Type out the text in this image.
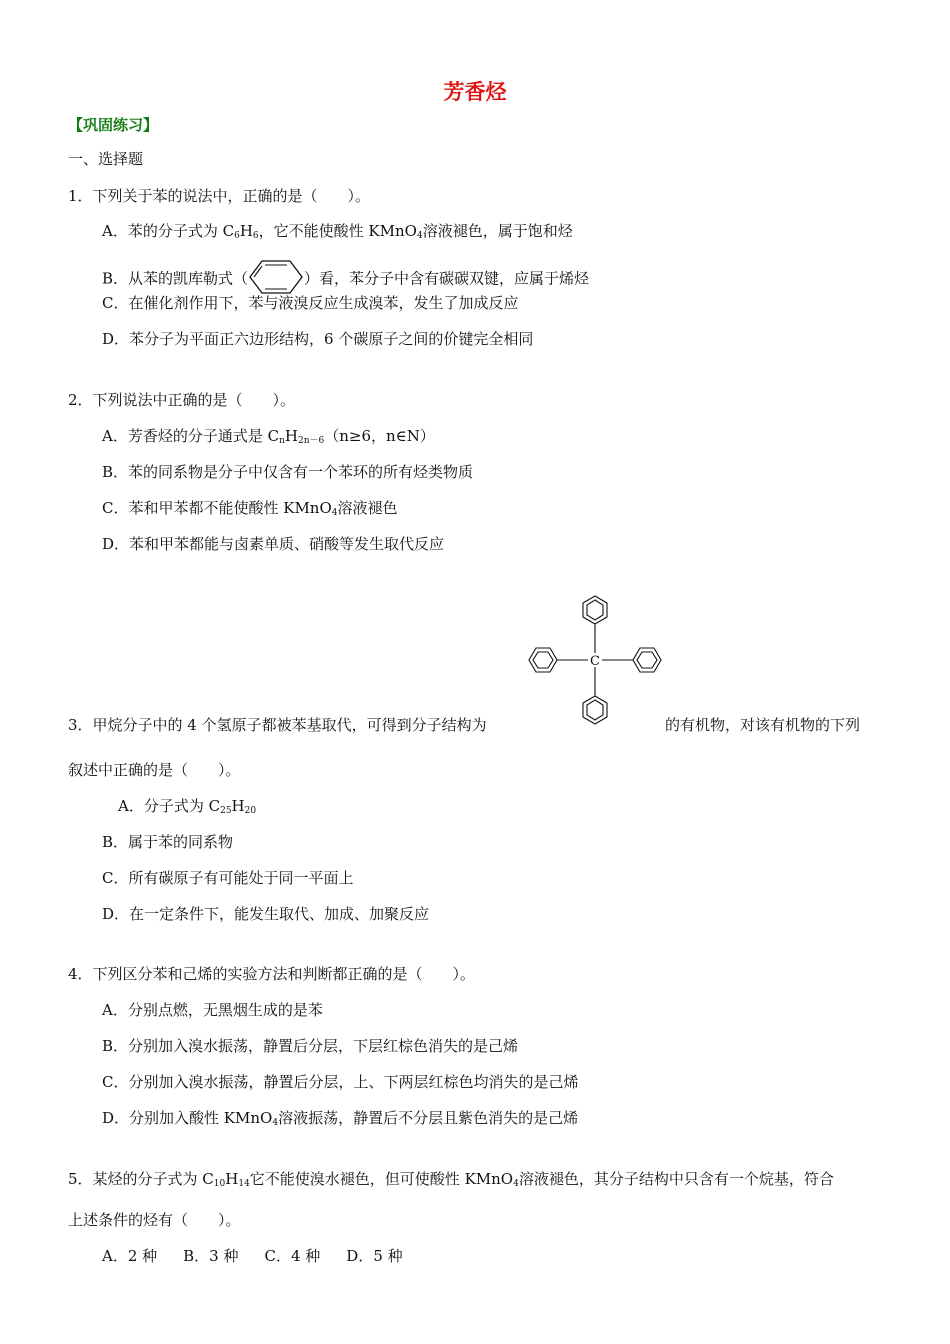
芳香烃
【巩固练习】
一、选择题
1．下列关于苯的说法中，正确的是（　　）。
A．苯的分子式为 $C_6H_6$，它不能使酸性 KMnO$_4$溶液褪色，属于饱和烃
B．从苯的凯库勒式（	）看，苯分子中含有碳碳双键，应属于烯烃
C．在催化剂作用下，苯与液溴反应生成溴苯，发生了加成反应
D．苯分子为平面正六边形结构，6 个碳原子之间的价键完全相同
2．下列说法中正确的是（　　）。
A．芳香烃的分子通式是 $C_nH_{2n-6}(n\ge 6$，n∈N）
B．苯的同系物是分子中仅含有一个苯环的所有烃类物质
C．苯和甲苯都不能使酸性 KMnO$_4$溶液褪色
D．苯和甲苯都能与卤素单质、硝酸等发生取代反应
C
3．甲烷分子中的 4 个氢原子都被苯基取代，可得到分子结构为	的有机物，对该有机物的下列
叙述中正确的是（　　）。
A．分子式为 $C_{25}H_{20}$
B．属于苯的同系物
C．所有碳原子有可能处于同一平面上
D．在一定条件下，能发生取代、加成、加聚反应
4．下列区分苯和己烯的实验方法和判断都正确的是（　　）。
A．分别点燃，无黑烟生成的是苯
B．分别加入溴水振荡，静置后分层，下层红棕色消失的是己烯
C．分别加入溴水振荡，静置后分层，上、下两层红棕色均消失的是己烯
D．分别加入酸性 KMnO$_4$溶液振荡，静置后不分层且紫色消失的是己烯
5．某烃的分子式为 $C_{10}H_{14}$它不能使溴水褪色，但可使酸性 KMnO$_4$溶液褪色，其分子结构中只含有一个烷基，符合
上述条件的烃有（　　）。
A．2 种 B．3 种 C．4 种 D．5 种
